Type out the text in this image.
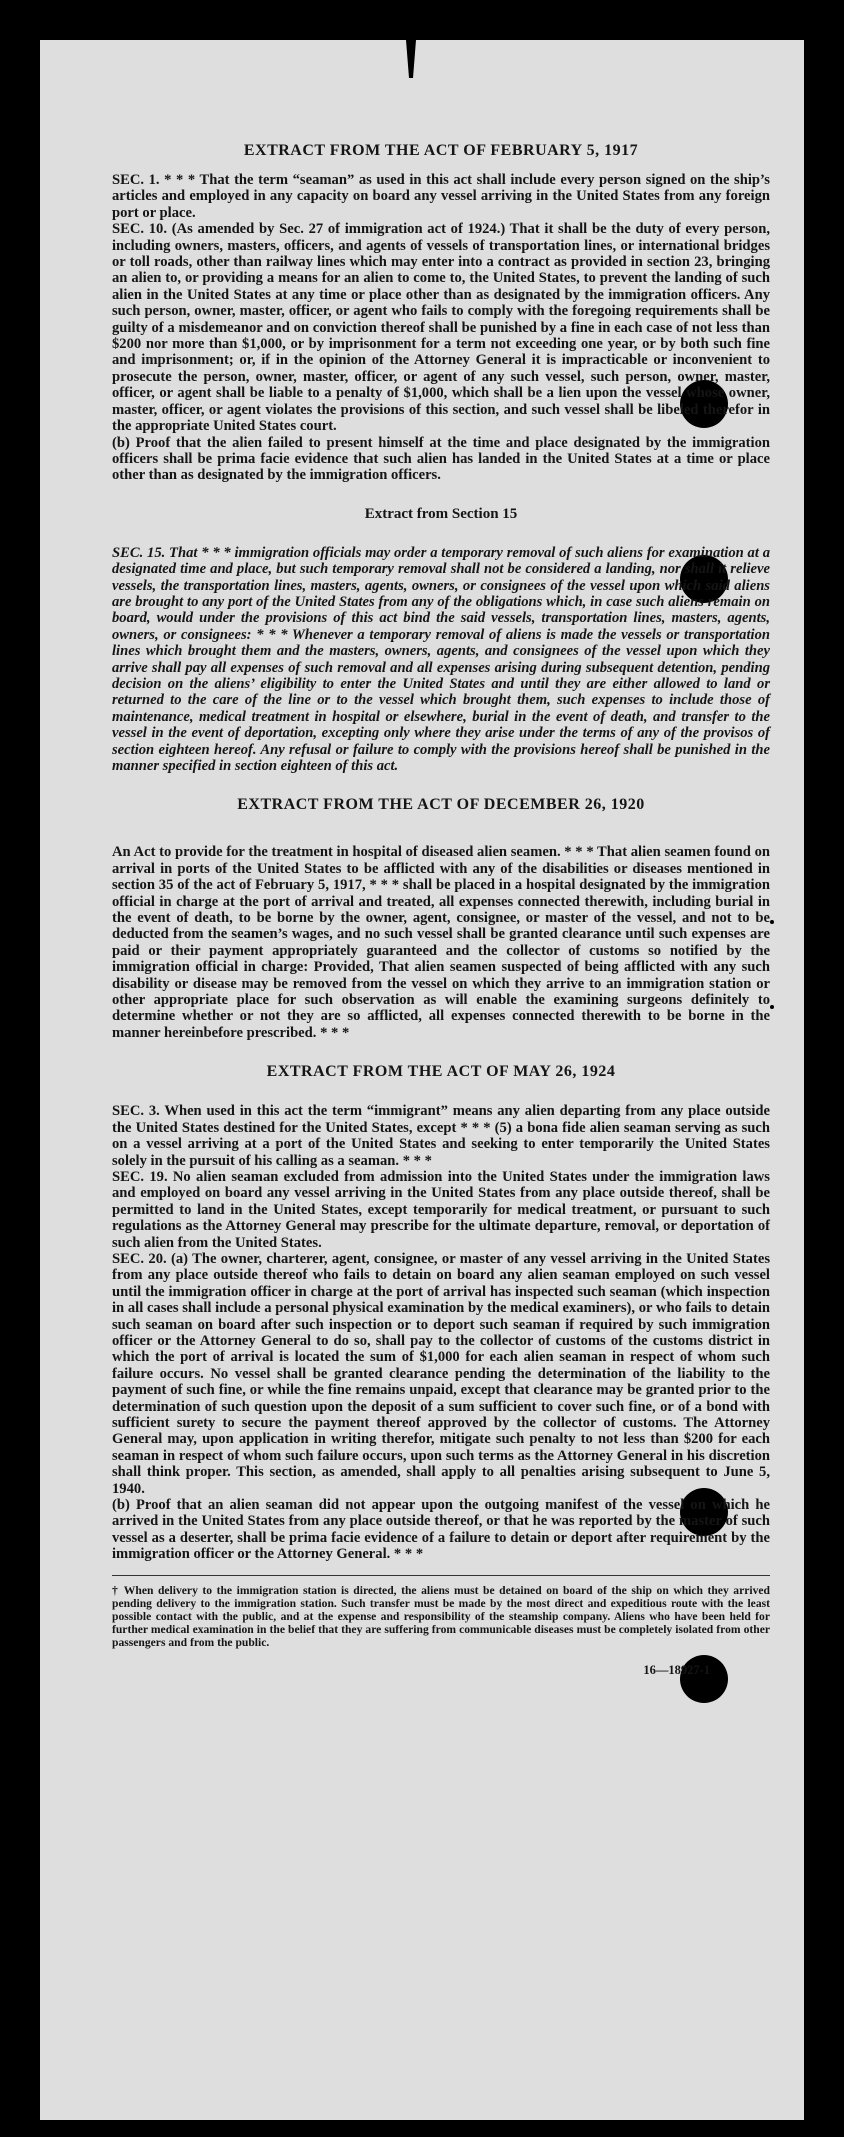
EXTRACT FROM THE ACT OF FEBRUARY 5, 1917

SEC. 1. * * * That the term “seaman” as used in this act shall include every person signed on the ship’s articles and employed in any capacity on board any vessel arriving in the United States from any foreign port or place.

SEC. 10. (As amended by Sec. 27 of immigration act of 1924.) That it shall be the duty of every person, including owners, masters, officers, and agents of vessels of transportation lines, or international bridges or toll roads, other than railway lines which may enter into a contract as provided in section 23, bringing an alien to, or providing a means for an alien to come to, the United States, to prevent the landing of such alien in the United States at any time or place other than as designated by the immigration officers. Any such person, owner, master, officer, or agent who fails to comply with the foregoing requirements shall be guilty of a misdemeanor and on conviction thereof shall be punished by a fine in each case of not less than $200 nor more than $1,000, or by imprisonment for a term not exceeding one year, or by both such fine and imprisonment; or, if in the opinion of the Attorney General it is impracticable or inconvenient to prosecute the person, owner, master, officer, or agent of any such vessel, such person, owner, master, officer, or agent shall be liable to a penalty of $1,000, which shall be a lien upon the vessel whose owner, master, officer, or agent violates the provisions of this section, and such vessel shall be libeled therefor in the appropriate United States court.

(b) Proof that the alien failed to present himself at the time and place designated by the immigration officers shall be prima facie evidence that such alien has landed in the United States at a time or place other than as designated by the immigration officers.

Extract from Section 15

SEC. 15. That * * * immigration officials may order a temporary removal of such aliens for examination at a designated time and place, but such temporary removal shall not be considered a landing, nor shall it relieve vessels, the transportation lines, masters, agents, owners, or consignees of the vessel upon which said aliens are brought to any port of the United States from any of the obligations which, in case such aliens remain on board, would under the provisions of this act bind the said vessels, transportation lines, masters, agents, owners, or consignees: * * * Whenever a temporary removal of aliens is made the vessels or transportation lines which brought them and the masters, owners, agents, and consignees of the vessel upon which they arrive shall pay all expenses of such removal and all expenses arising during subsequent detention, pending decision on the aliens’ eligibility to enter the United States and until they are either allowed to land or returned to the care of the line or to the vessel which brought them, such expenses to include those of maintenance, medical treatment in hospital or elsewhere, burial in the event of death, and transfer to the vessel in the event of deportation, excepting only where they arise under the terms of any of the provisos of section eighteen hereof. Any refusal or failure to comply with the provisions hereof shall be punished in the manner specified in section eighteen of this act.

EXTRACT FROM THE ACT OF DECEMBER 26, 1920

An Act to provide for the treatment in hospital of diseased alien seamen. * * * That alien seamen found on arrival in ports of the United States to be afflicted with any of the disabilities or diseases mentioned in section 35 of the act of February 5, 1917, * * * shall be placed in a hospital designated by the immigration official in charge at the port of arrival and treated, all expenses connected therewith, including burial in the event of death, to be borne by the owner, agent, consignee, or master of the vessel, and not to be deducted from the seamen’s wages, and no such vessel shall be granted clearance until such expenses are paid or their payment appropriately guaranteed and the collector of customs so notified by the immigration official in charge: Provided, That alien seamen suspected of being afflicted with any such disability or disease may be removed from the vessel on which they arrive to an immigration station or other appropriate place for such observation as will enable the examining surgeons definitely to determine whether or not they are so afflicted, all expenses connected therewith to be borne in the manner hereinbefore prescribed. * * *

EXTRACT FROM THE ACT OF MAY 26, 1924

SEC. 3. When used in this act the term “immigrant” means any alien departing from any place outside the United States destined for the United States, except * * * (5) a bona fide alien seaman serving as such on a vessel arriving at a port of the United States and seeking to enter temporarily the United States solely in the pursuit of his calling as a seaman. * * *

SEC. 19. No alien seaman excluded from admission into the United States under the immigration laws and employed on board any vessel arriving in the United States from any place outside thereof, shall be permitted to land in the United States, except temporarily for medical treatment, or pursuant to such regulations as the Attorney General may prescribe for the ultimate departure, removal, or deportation of such alien from the United States.

SEC. 20. (a) The owner, charterer, agent, consignee, or master of any vessel arriving in the United States from any place outside thereof who fails to detain on board any alien seaman employed on such vessel until the immigration officer in charge at the port of arrival has inspected such seaman (which inspection in all cases shall include a personal physical examination by the medical examiners), or who fails to detain such seaman on board after such inspection or to deport such seaman if required by such immigration officer or the Attorney General to do so, shall pay to the collector of customs of the customs district in which the port of arrival is located the sum of $1,000 for each alien seaman in respect of whom such failure occurs. No vessel shall be granted clearance pending the determination of the liability to the payment of such fine, or while the fine remains unpaid, except that clearance may be granted prior to the determination of such question upon the deposit of a sum sufficient to cover such fine, or of a bond with sufficient surety to secure the payment thereof approved by the collector of customs. The Attorney General may, upon application in writing therefor, mitigate such penalty to not less than $200 for each seaman in respect of whom such failure occurs, upon such terms as the Attorney General in his discretion shall think proper. This section, as amended, shall apply to all penalties arising subsequent to June 5, 1940.

(b) Proof that an alien seaman did not appear upon the outgoing manifest of the vessel on which he arrived in the United States from any place outside thereof, or that he was reported by the master of such vessel as a deserter, shall be prima facie evidence of a failure to detain or deport after requirement by the immigration officer or the Attorney General. * * *

† When delivery to the immigration station is directed, the aliens must be detained on board of the ship on which they arrived pending delivery to the immigration station. Such transfer must be made by the most direct and expeditious route with the least possible contact with the public, and at the expense and responsibility of the steamship company. Aliens who have been held for further medical examination in the belief that they are suffering from communicable diseases must be completely isolated from other passengers and from the public.

16—18927-1
